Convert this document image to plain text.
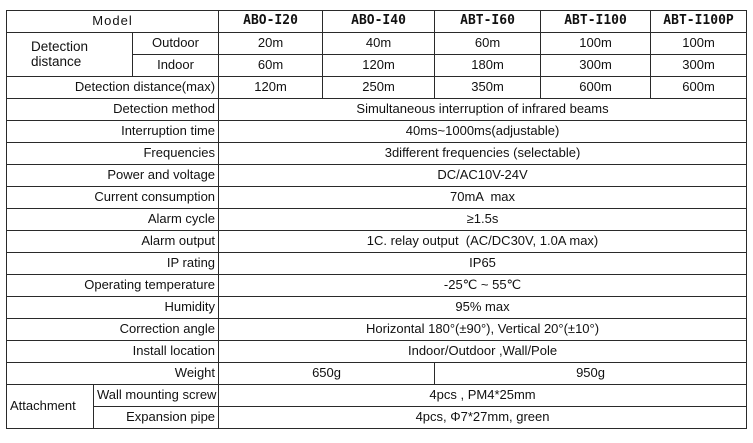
Model			ABO-I20	ABO-I40	ABT-I60	ABT-I100	ABT-I100P
Detection distance		Outdoor	20m	40m	60m	100m	100m
		Indoor	60m	120m	180m	300m	300m
Detection distance(max)			120m	250m	350m	600m	600m
Detection method			Simultaneous interruption of infrared beams				
Interruption time			40ms~1000ms(adjustable)				
Frequencies			3different frequencies (selectable)				
Power and voltage			DC/AC10V-24V				
Current consumption			70mA  max				
Alarm cycle			≥1.5s				
Alarm output			1C. relay output  (AC/DC30V, 1.0A max)				
IP rating			IP65				
Operating temperature			-25℃ ~ 55℃				
Humidity			95% max				
Correction angle			Horizontal 180°(±90°), Vertical 20°(±10°)				
Install location			Indoor/Outdoor ,Wall/Pole				
Weight			650g		950g		
Attachment	Wall mounting screw		4pcs , PM4*25mm				
	Expansion pipe		4pcs, Φ7*27mm, green				
